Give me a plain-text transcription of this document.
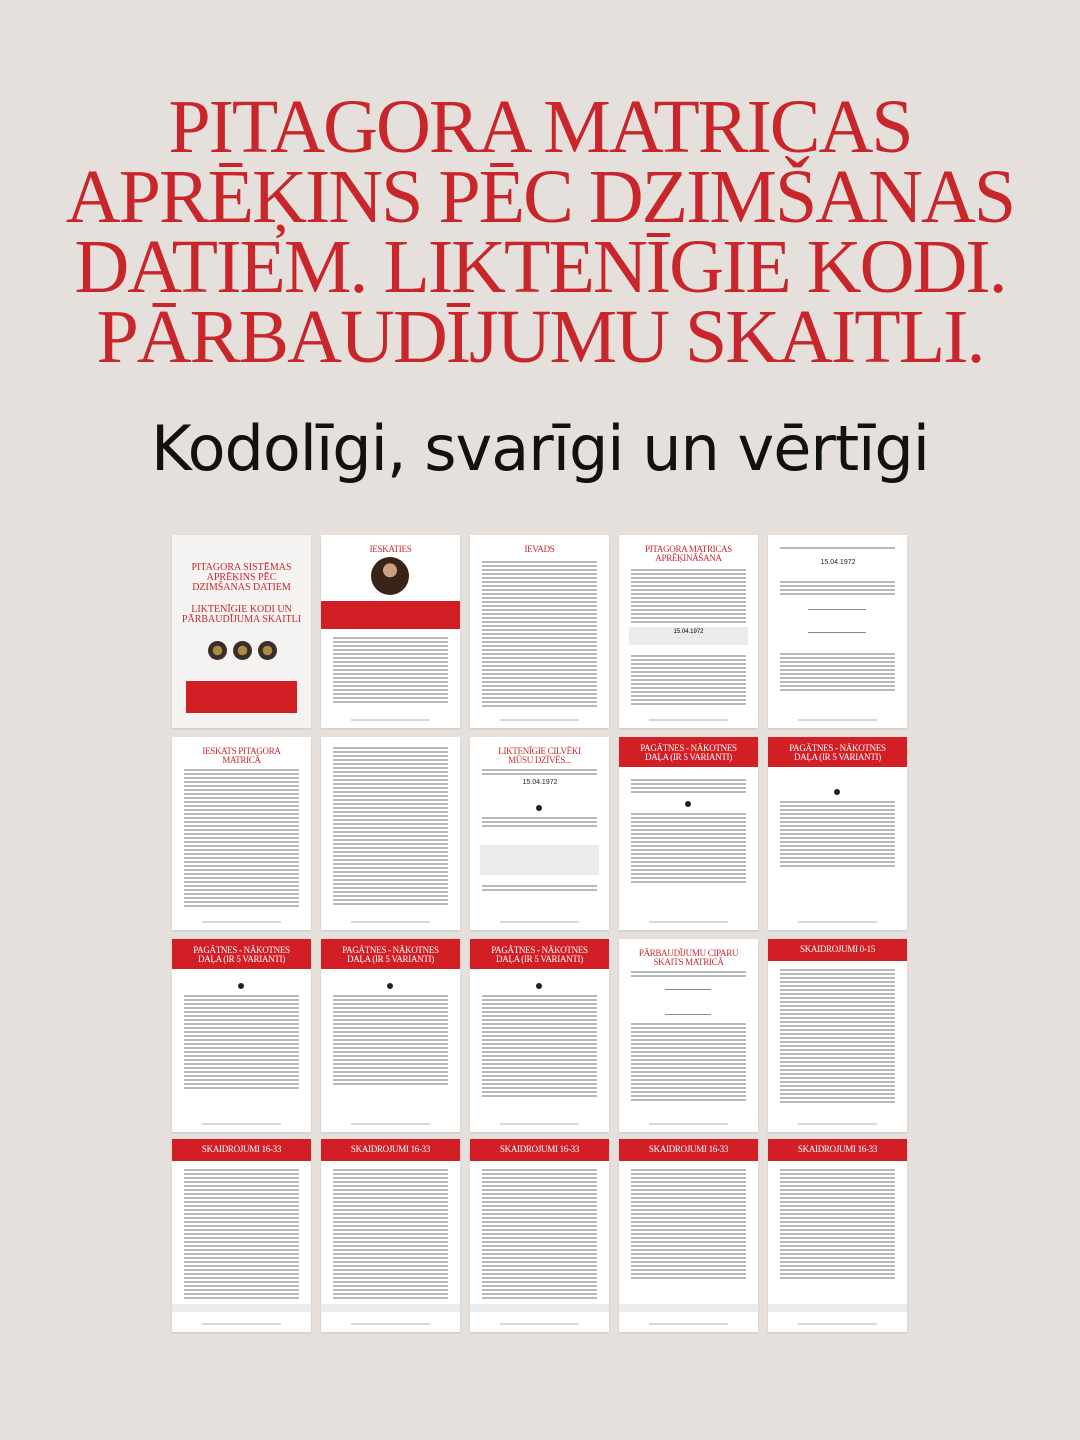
PITAGORA MATRICAS
APRĒĶINS PĒC DZIMŠANAS
DATIEM. LIKTENĪGIE KODI.
PĀRBAUDĪJUMU SKAITLI.
Kodolīgi, svarīgi un vērtīgi
PITAGORA SISTĒMAS
APRĒĶINS PĒC
DZIMŠANAS DATIEM
LIKTENĪGIE KODI UN
PĀRBAUDĪJUMA SKAITLI
IESKATIES	IEVADS	PITAGORA MATRICAS
APRĒĶINĀŠANA
15.04.1972
15.04.1972
IESKATS PITAGORA
MATRICĀ
LIKTENĪGIE CILVĒKI
MŪSU DZĪVĒS...
15.04.1972
PAGĀTNES - NĀKOTNES
DAĻA (IR 5 VARIANTI)
PAGĀTNES - NĀKOTNES
DAĻA (IR 5 VARIANTI)
PAGĀTNES - NĀKOTNES
DAĻA (IR 5 VARIANTI)
PAGĀTNES - NĀKOTNES
DAĻA (IR 5 VARIANTI)
PAGĀTNES - NĀKOTNES
DAĻA (IR 5 VARIANTI)
PĀRBAUDĪJUMU CIPARU
SKAITS MATRICĀ
SKAIDROJUMI 0-15
SKAIDROJUMI 16-33	SKAIDROJUMI 16-33	SKAIDROJUMI 16-33	SKAIDROJUMI 16-33	SKAIDROJUMI 16-33
